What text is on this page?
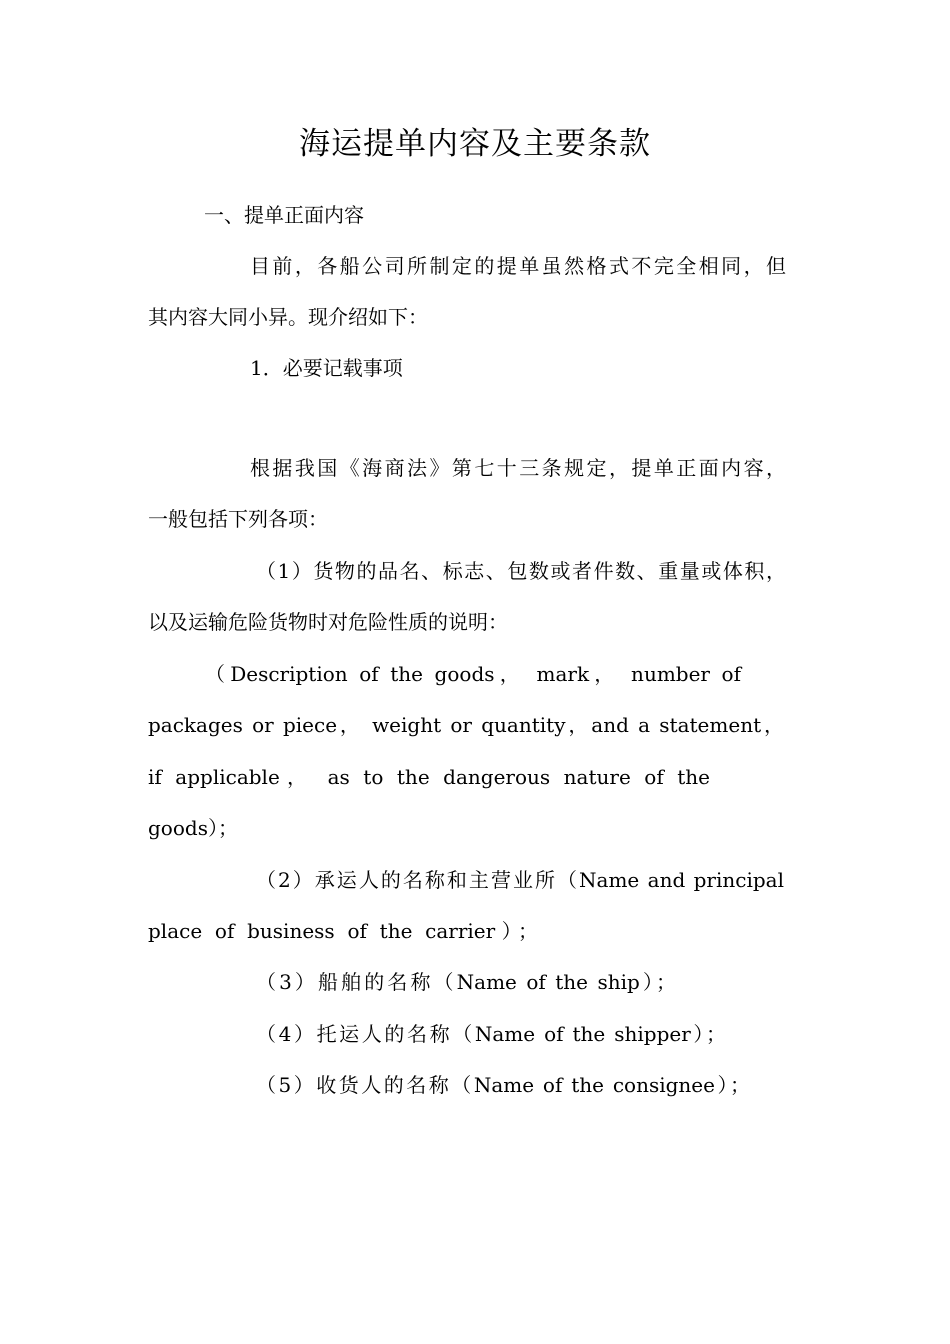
海运提单内容及主要条款
一、提单正面内容
目前，各船公司所制定的提单虽然格式不完全相同，但
其内容大同小异。现介绍如下：
1．必要记载事项
根据我国《海商法》第七十三条规定，提单正面内容，
一般包括下列各项：
（1）货物的品名、标志、包数或者件数、重量或体积，
以及运输危险货物时对危险性质的说明：
（Description of the goods， mark， number of
packages or piece， weight or quantity，and a statement，
if applicable， as to the dangerous nature of the
goods）；
（2）承运人的名称和主营业所（Name and principal
place of business of the carrier）；
（3）船舶的名称（Name of the ship）；
（4）托运人的名称（Name of the shipper）；
（5）收货人的名称（Name of the consignee）；
